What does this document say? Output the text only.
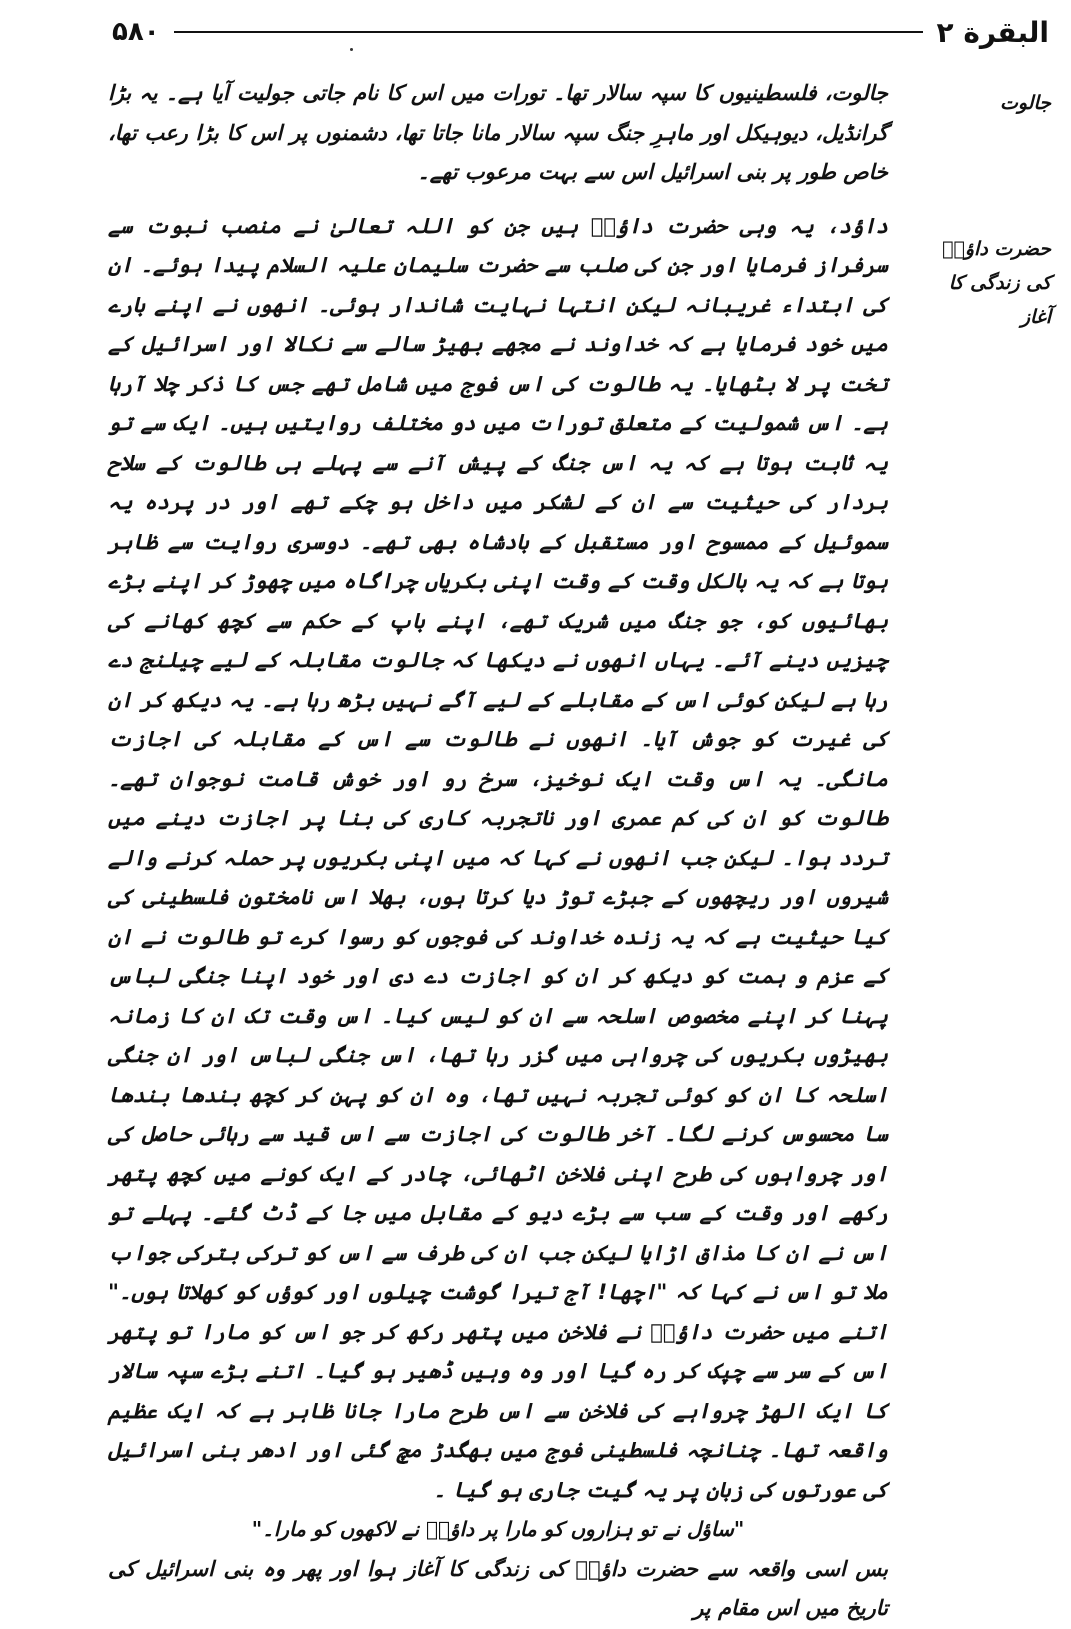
۵۸۰	البقرة ۲
جالوت
حضرت داؤدؑ
کی زندگی کا
آغاز

جالوت، فلسطینیوں کا سپہ سالار تھا۔ تورات میں اس کا نام جاتی جولیت آیا ہے۔ یہ بڑا گرانڈیل، دیوہیکل اور ماہرِ جنگ سپہ سالار مانا جاتا تھا، دشمنوں پر اس کا بڑا رعب تھا، خاص طور پر بنی اسرائیل اس سے بہت مرعوب تھے۔

داؤد، یہ وہی حضرت داؤدؑ ہیں جن کو اللہ تعالیٰ نے منصب نبوت سے سرفراز فرمایا اور جن کی صلب سے حضرت سلیمان علیہ السلام پیدا ہوئے۔ ان کی ابتداء غریبانہ لیکن انتہا نہایت شاندار ہوئی۔ انھوں نے اپنے بارے میں خود فرمایا ہے کہ خداوند نے مجھے بھیڑ سالے سے نکالا اور اسرائیل کے تخت پر لا بٹھایا۔ یہ طالوت کی اس فوج میں شامل تھے جس کا ذکر چلا آرہا ہے۔ اس شمولیت کے متعلق تورات میں دو مختلف روایتیں ہیں۔ ایک سے تو یہ ثابت ہوتا ہے کہ یہ اس جنگ کے پیش آنے سے پہلے ہی طالوت کے سلاح بردار کی حیثیت سے ان کے لشکر میں داخل ہو چکے تھے اور در پردہ یہ سموئیل کے ممسوح اور مستقبل کے بادشاہ بھی تھے۔ دوسری روایت سے ظاہر ہوتا ہے کہ یہ بالکل وقت کے وقت اپنی بکریاں چراگاہ میں چھوڑ کر اپنے بڑے بھائیوں کو، جو جنگ میں شریک تھے، اپنے باپ کے حکم سے کچھ کھانے کی چیزیں دینے آئے۔ یہاں انھوں نے دیکھا کہ جالوت مقابلہ کے لیے چیلنج دے رہا ہے لیکن کوئی اس کے مقابلے کے لیے آگے نہیں بڑھ رہا ہے۔ یہ دیکھ کر ان کی غیرت کو جوش آیا۔ انھوں نے طالوت سے اس کے مقابلہ کی اجازت مانگی۔ یہ اس وقت ایک نوخیز، سرخ رو اور خوش قامت نوجوان تھے۔ طالوت کو ان کی کم عمری اور ناتجربہ کاری کی بنا پر اجازت دینے میں تردد ہوا۔ لیکن جب انھوں نے کہا کہ میں اپنی بکریوں پر حملہ کرنے والے شیروں اور ریچھوں کے جبڑے توڑ دیا کرتا ہوں، بھلا اس نامختون فلسطینی کی کیا حیثیت ہے کہ یہ زندہ خداوند کی فوجوں کو رسوا کرے تو طالوت نے ان کے عزم و ہمت کو دیکھ کر ان کو اجازت دے دی اور خود اپنا جنگی لباس پہنا کر اپنے مخصوص اسلحہ سے ان کو لیس کیا۔ اس وقت تک ان کا زمانہ بھیڑوں بکریوں کی چرواہی میں گزر رہا تھا، اس جنگی لباس اور ان جنگی اسلحہ کا ان کو کوئی تجربہ نہیں تھا، وہ ان کو پہن کر کچھ بندھا بندھا سا محسوس کرنے لگا۔ آخر طالوت کی اجازت سے اس قید سے رہائی حاصل کی اور چرواہوں کی طرح اپنی فلاخن اٹھائی، چادر کے ایک کونے میں کچھ پتھر رکھے اور وقت کے سب سے بڑے دیو کے مقابل میں جا کے ڈٹ گئے۔ پہلے تو اس نے ان کا مذاق اڑایا لیکن جب ان کی طرف سے اس کو ترکی بترکی جواب ملا تو اس نے کہا کہ "اچھا! آج تیرا گوشت چیلوں اور کوؤں کو کھلاتا ہوں۔" اتنے میں حضرت داؤدؑ نے فلاخن میں پتھر رکھ کر جو اس کو مارا تو پتھر اس کے سر سے چپک کر رہ گیا اور وہ وہیں ڈھیر ہو گیا۔ اتنے بڑے سپہ سالار کا ایک الھڑ چرواہے کی فلاخن سے اس طرح مارا جانا ظاہر ہے کہ ایک عظیم واقعہ تھا۔ چنانچہ فلسطینی فوج میں بھگدڑ مچ گئی اور ادھر بنی اسرائیل کی عورتوں کی زبان پر یہ گیت جاری ہو گیا ۔

"ساؤل نے تو ہزاروں کو مارا پر داؤدؑ نے لاکھوں کو مارا۔"

بس اسی واقعہ سے حضرت داؤدؑ کی زندگی کا آغاز ہوا اور پھر وہ بنی اسرائیل کی تاریخ میں اس مقام پر
